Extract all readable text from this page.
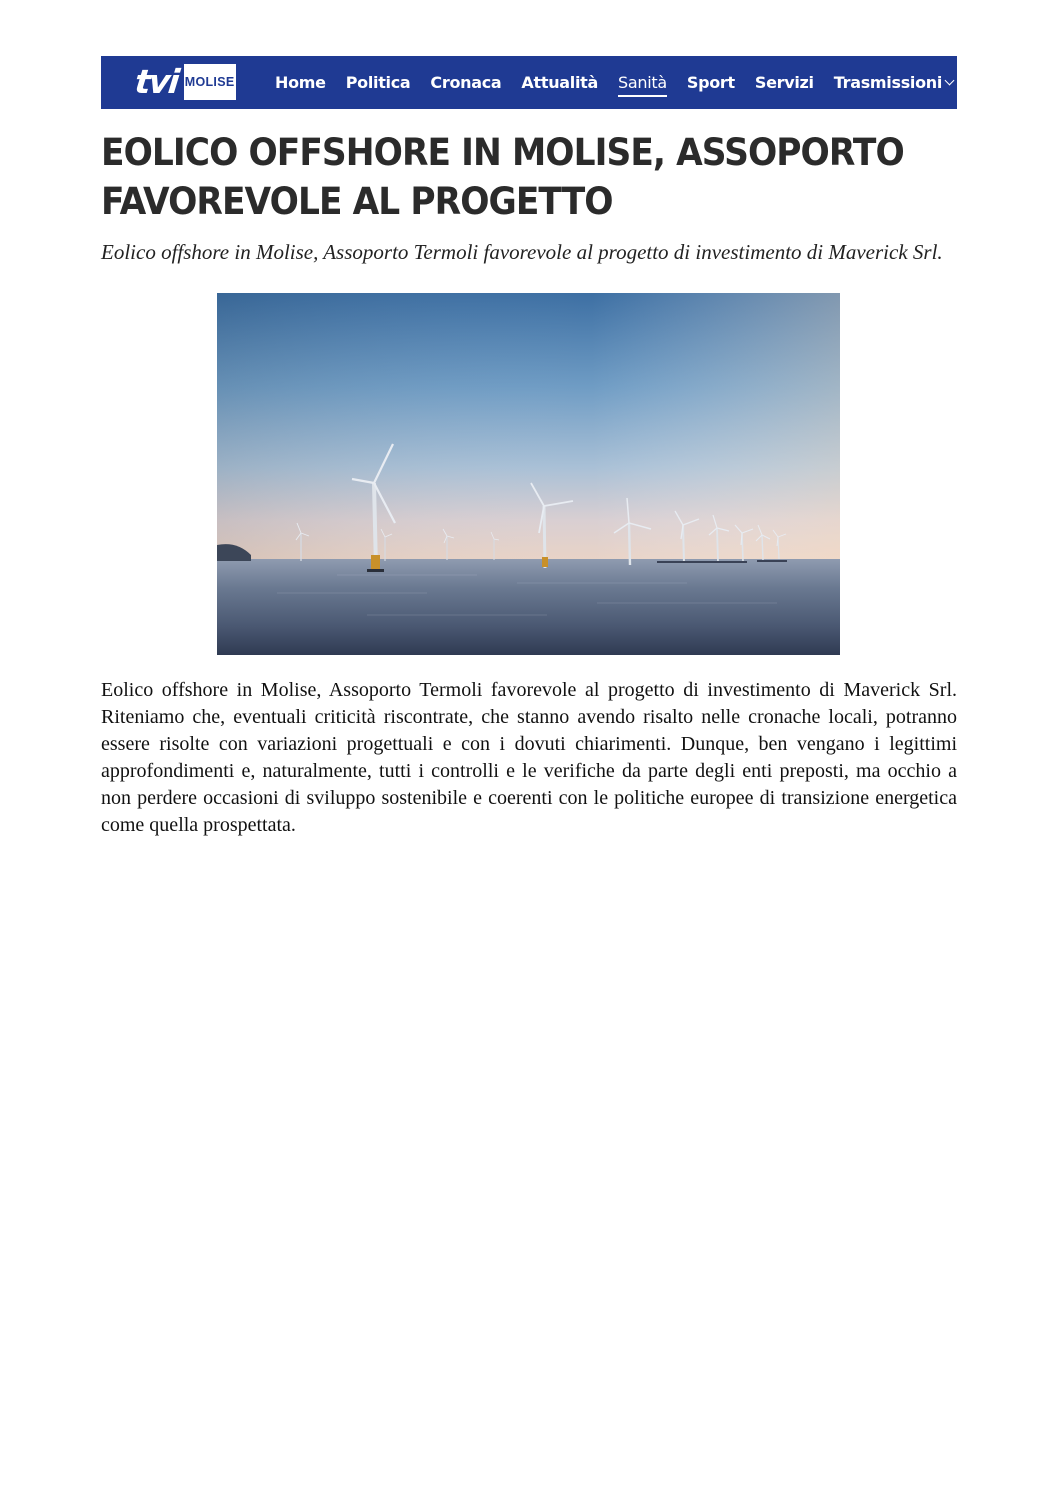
tvi MOLISE	Home Politica Cronaca Attualità Sanità Sport Servizi Trasmissioni
EOLICO OFFSHORE IN MOLISE, ASSOPORTO FAVOREVOLE AL PROGETTO

Eolico offshore in Molise, Assoporto Termoli favorevole al progetto di investimento di Maverick Srl.

Eolico offshore in Molise, Assoporto Termoli favorevole al progetto di investimento di Maverick Srl. Riteniamo che, eventuali criticità riscontrate, che stanno avendo risalto nelle cronache locali, potranno essere risolte con variazioni progettuali e con i dovuti chiarimenti. Dunque, ben vengano i legittimi approfondimenti e, naturalmente, tutti i controlli e le verifiche da parte degli enti preposti, ma occhio a non perdere occasioni di sviluppo sostenibile e coerenti con le politiche europee di transizione energetica come quella prospettata.
